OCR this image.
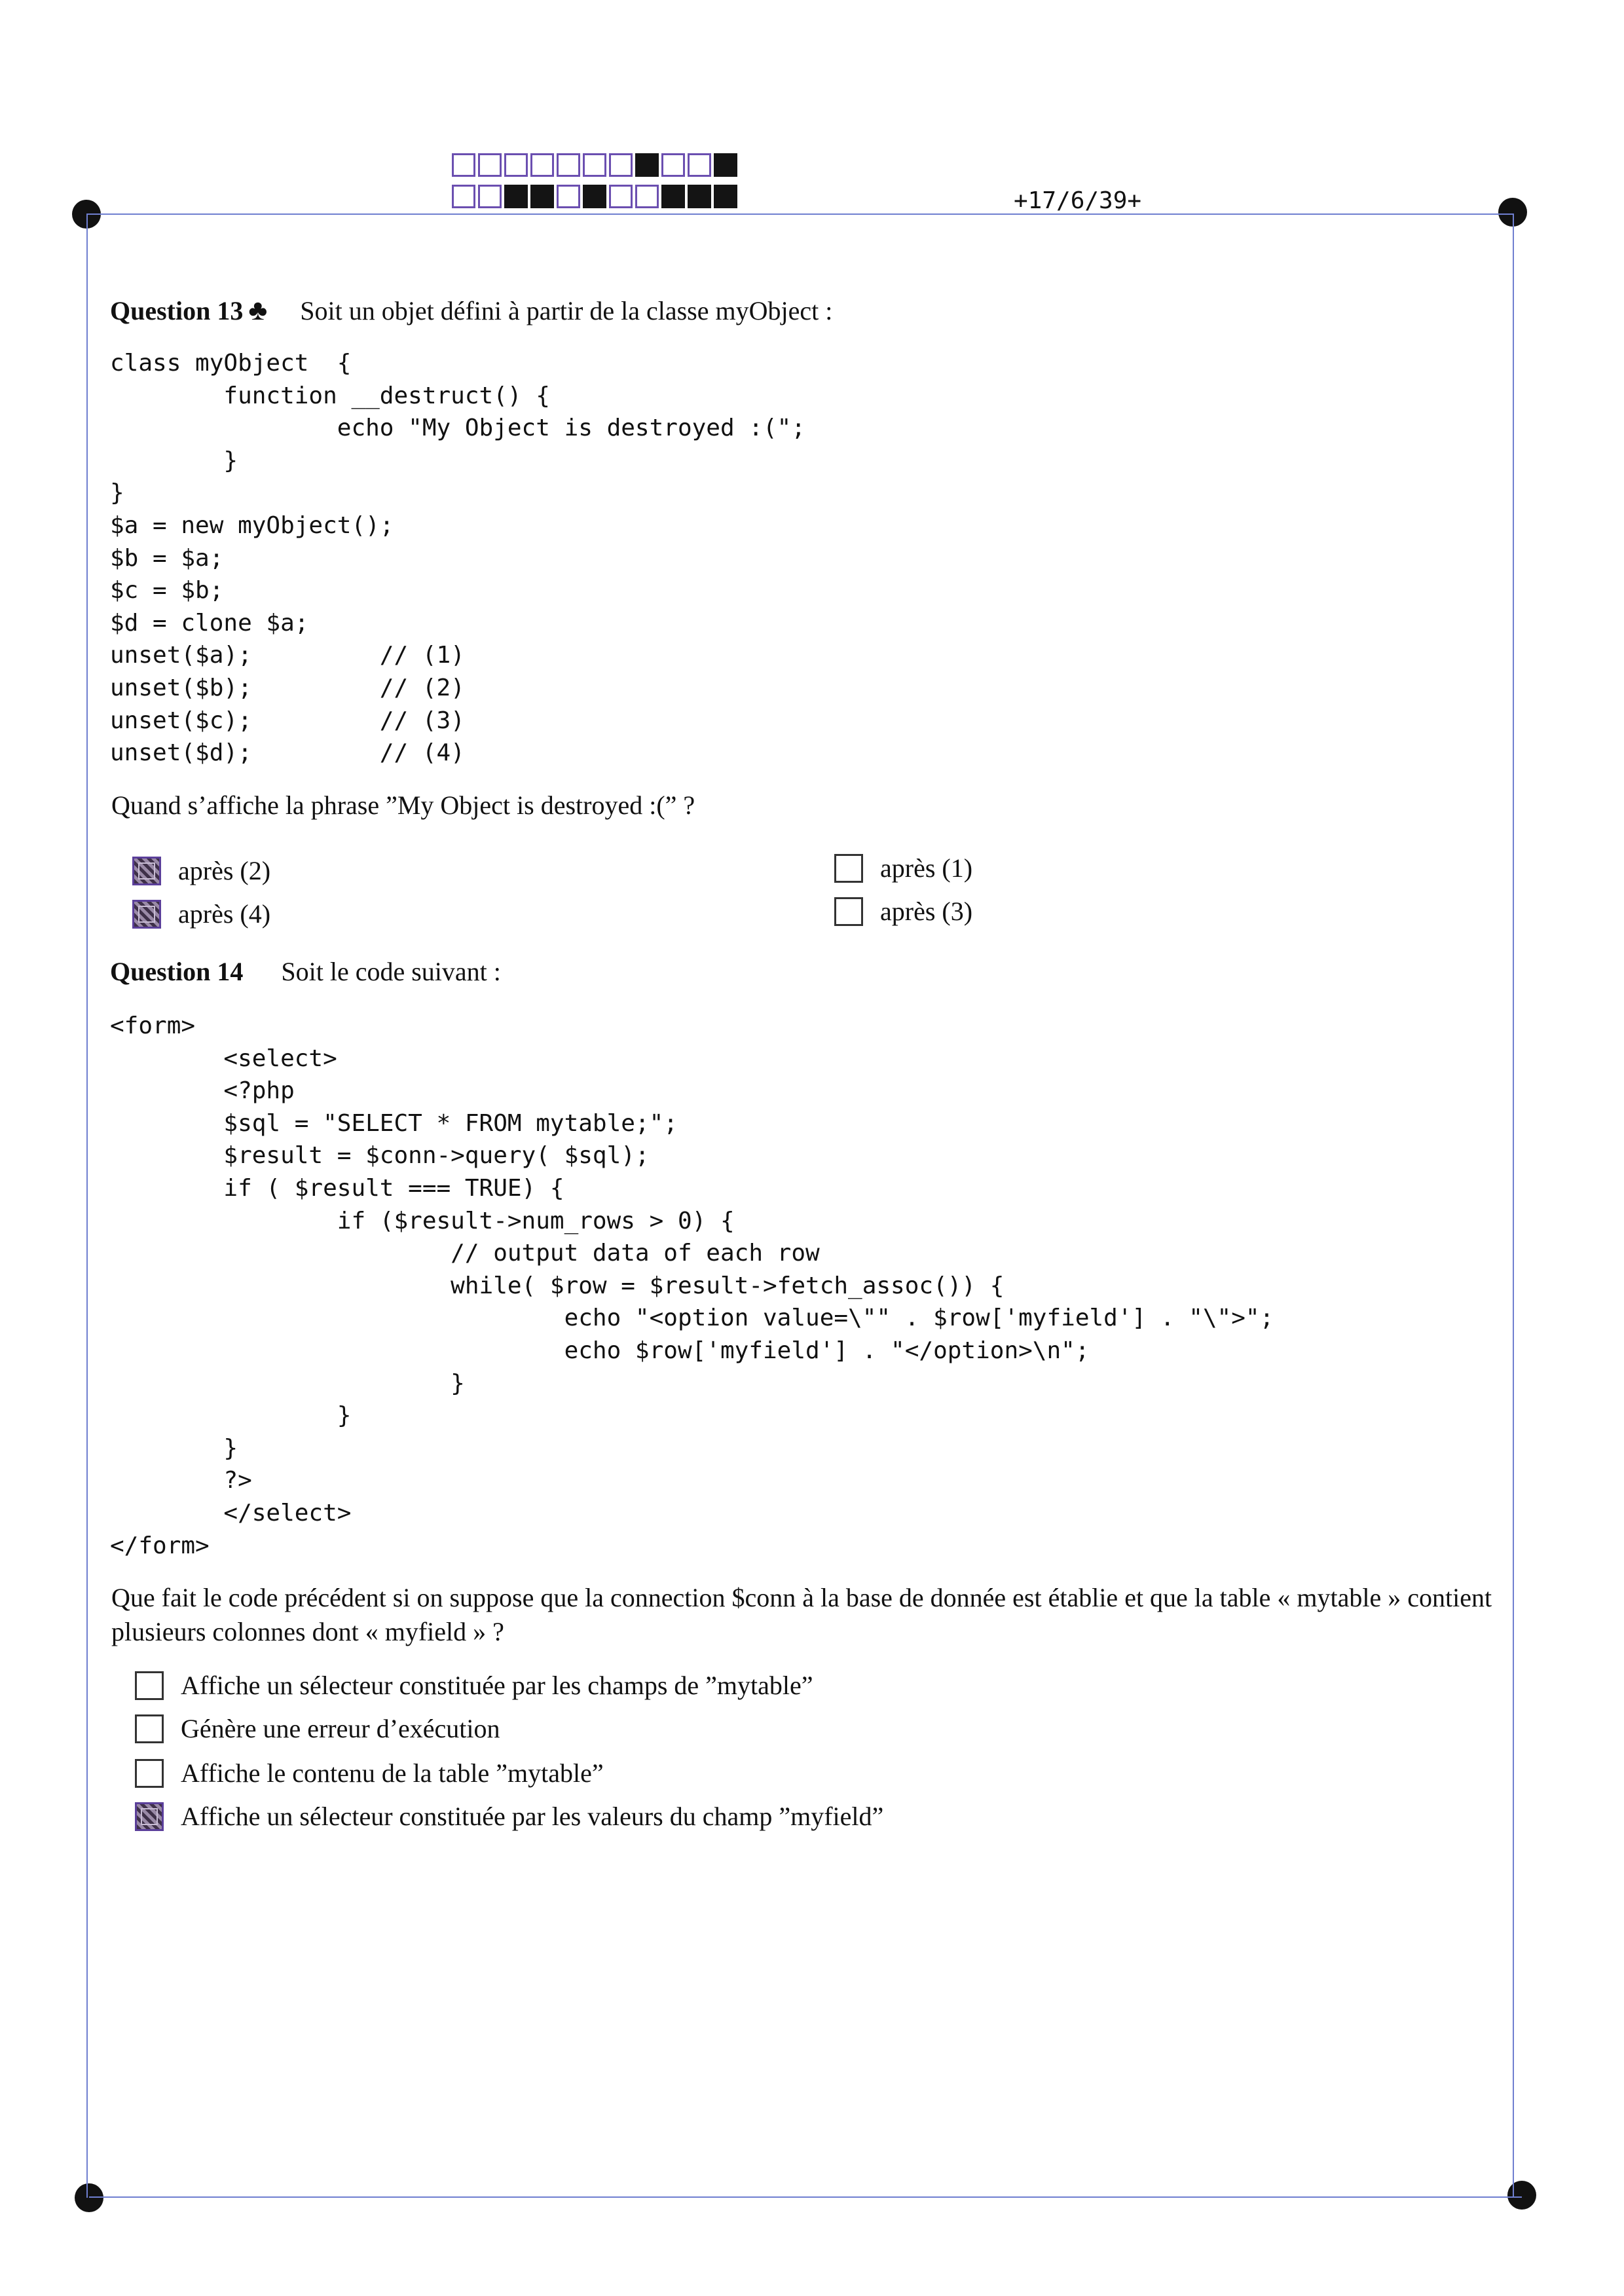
+17/6/39+
Question 13 ♣ Soit un objet défini à partir de la classe myObject :
class myObject  {
function __destruct() {
echo "My Object is destroyed :(";
}
}
$a = new myObject();
$b = $a;
$c = $b;
$d = clone $a;
unset($a);         // (1)
unset($b);         // (2)
unset($c);         // (3)
unset($d);         // (4)
Quand s’affiche la phrase ”My Object is destroyed :(” ?
après (2)
après (4)
après (1)
après (3)
Question 14 Soit le code suivant :
<form>
<select>
<?php
$sql = "SELECT * FROM mytable;";
$result = $conn->query( $sql);
if ( $result === TRUE) {
if ($result->num_rows > 0) {
// output data of each row
while( $row = $result->fetch_assoc()) {
echo "<option value=\"" . $row['myfield'] . "\">";
echo $row['myfield'] . "</option>\n";
}
}
}
?>
</select>
</form>
Que fait le code précédent si on suppose que la connection $conn à la base de donnée est établie et que la table « mytable » contient plusieurs colonnes dont « myfield » ?
Affiche un sélecteur constituée par les champs de ”mytable”
Génère une erreur d’exécution
Affiche le contenu de la table ”mytable”
Affiche un sélecteur constituée par les valeurs du champ ”myfield”
